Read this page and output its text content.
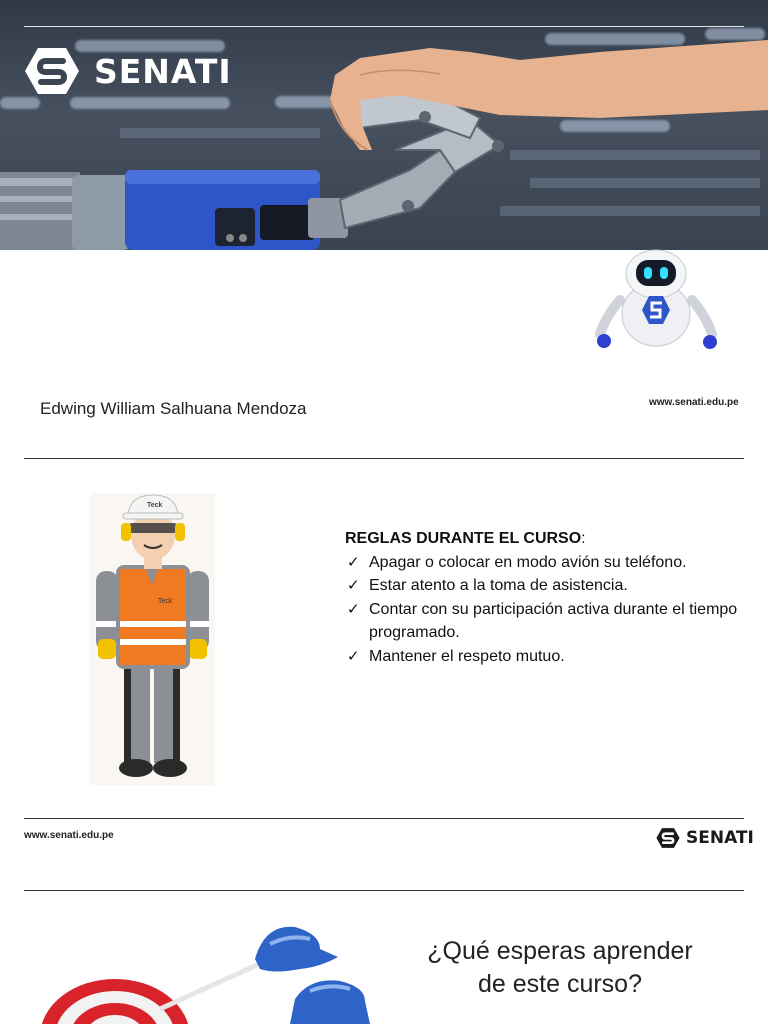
SENATI
Edwing William Salhuana Mendoza	www.senati.edu.pe
Teck
Teck
REGLAS DURANTE EL CURSO:
✓ Apagar o colocar en modo avión su teléfono.
✓ Estar atento a la toma de asistencia.
✓ Contar con su participación activa durante el tiempo programado.
✓ Mantener el respeto mutuo.
www.senati.edu.pe	SENATI
¿Qué esperas aprender
de este curso?
